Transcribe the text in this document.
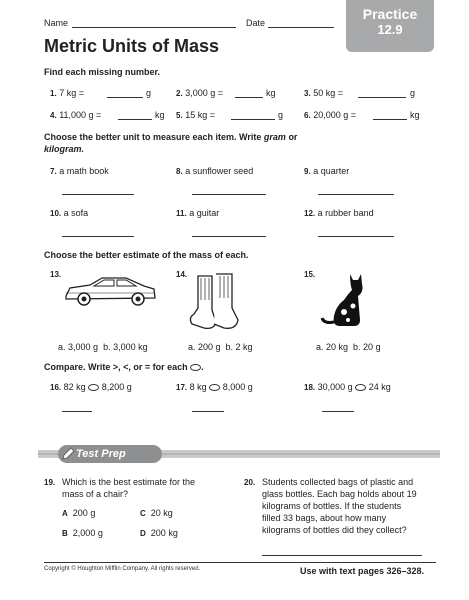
Name	Date
Practice
12.9
Metric Units of Mass
Find each missing number.
1. 7 kg =	g	2. 3,000 g =	kg	3. 50 kg =	g
4. 11,000 g =	kg 5. 15 kg =	g	6. 20,000 g =	kg
Choose the better unit to measure each item. Write gram or
kilogram.
7. a math book	8. a sunflower seed	9. a quarter
10. a sofa	11. a guitar	12. a rubber band
Choose the better estimate of the mass of each.
13.
a. 3,000 g b. 3,000 kg
14.
a. 200 g b. 2 kg
15.
a. 20 kg b. 20 g
Compare. Write >, <, or = for each .
16. 82 kg 8,200 g	17. 8 kg 8,000 g	18. 30,000 g 24 kg
Test Prep
19. Which is the best estimate for the
mass of a chair?
A 200 g	C 20 kg
B 2,000 g	D 200 kg
20. Students collected bags of plastic and
glass bottles. Each bag holds about 19
kilograms of bottles. If the students
filled 33 bags, about how many
kilograms of bottles did they collect?
Copyright © Houghton Mifflin Company. All rights reserved.	Use with text pages 326–328.
